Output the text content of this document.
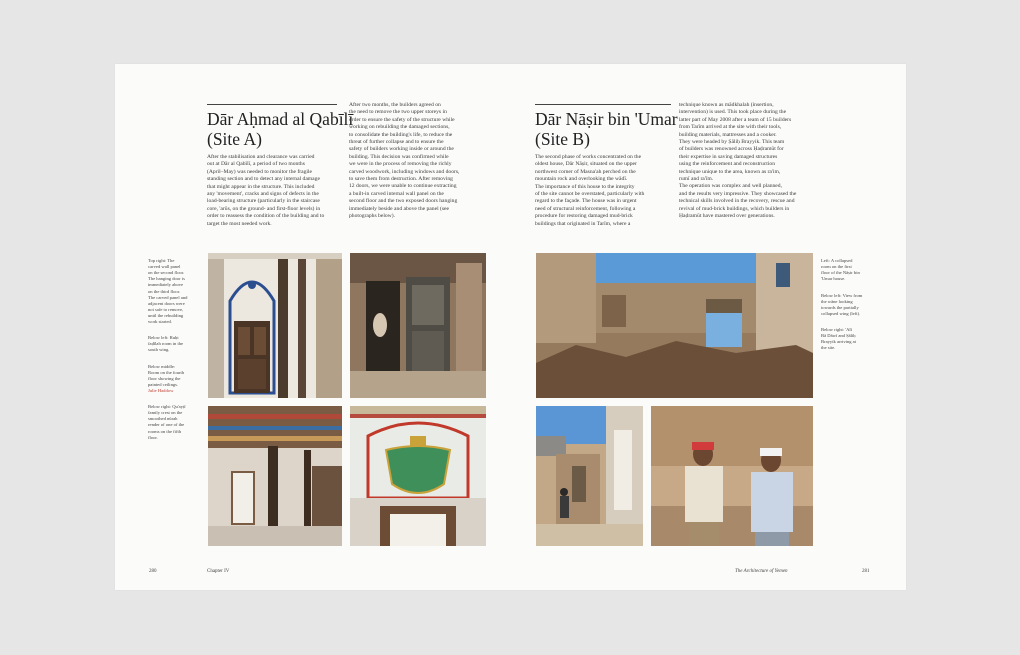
Dār Aḥmad al Qabīlī
(Site A)
After the stabilisation and clearance was carried
out at Dār al Qabīlī, a period of two months
(April–May) was needed to monitor the fragile
standing section and to detect any internal damage
that might appear in the structure. This included
any 'movement', cracks and signs of defects in the
load-bearing structure (particularly in the staircase
core, 'arūs, on the ground- and first-floor levels) in
order to reassess the condition of the building and to
target the most needed work.
After two months, the builders agreed on
the need to remove the two upper storeys in
order to ensure the safety of the structure while
working on rebuilding the damaged sections,
to consolidate the building's life, to reduce the
threat of further collapse and to ensure the
safety of builders working inside or around the
building. This decision was confirmed while
we were in the process of removing the richly
carved woodwork, including windows and doors,
to save them from destruction. After removing
12 doors, we were unable to continue extracting
a built-in carved internal wall panel on the
second floor and the two exposed doors hanging
immediately beside and above the panel (see
photographs below).

Top right: The
carved wall panel
on the second floor.
The hanging door is
immediately above
on the third floor.
The carved panel and
adjacent doors were
not safe to remove,
until the rebuilding
work started.

Below left: Ruḥt
faḍīlah room in the
south wing.

Below middle:
Room on the fourth
floor showing the
painted ceilings.
Julie Haddow

Below right: Qu'ayṭī
family crest on the
smoothed nūrah
render of one of the
rooms on the fifth
floor.

280	Chapter IV
Dār Nāṣir bin 'Umar
(Site B)
The second phase of works concentrated on the
oldest house, Dār Nāṣir, situated on the upper
northwest corner of Masna'ah perched on the
mountain rock and overlooking the wādī.
The importance of this house to the integrity
of the site cannot be overstated, particularly with
regard to the façade. The house was in urgent
need of structural reinforcement, following a
procedure for restoring damaged mud-brick
buildings that originated in Tarīm, where a
technique known as mādkhalah (insertion,
intervention) is used. This took place during the
latter part of May 2008 after a team of 15 builders
from Tarīm arrived at the site with their tools,
building materials, mattresses and a cooker.
They were headed by Ṣāliḥ Brayyik. This team
of builders was renowned across Ḥaḍramūt for
their expertise in saving damaged structures
using the reinforcement and reconstruction
technique unique to the area, known as ra'im,
rumī and ra'īm.
The operation was complex and well planned,
and the results very impressive. They showcased the
technical skills involved in the recovery, rescue and
revival of mud-brick buildings, which builders in
Ḥaḍramūt have mastered over generations.

Left: A collapsed
room on the first
floor of the Nāṣir bin
'Umar house.

Below left: View from
the wāne looking
towards the partially
collapsed wing (left).

Below right: 'Alī
Bā Dāwī and Ṣāliḥ
Brayyik arriving at
the site.

The Architecture of Yemen	281
